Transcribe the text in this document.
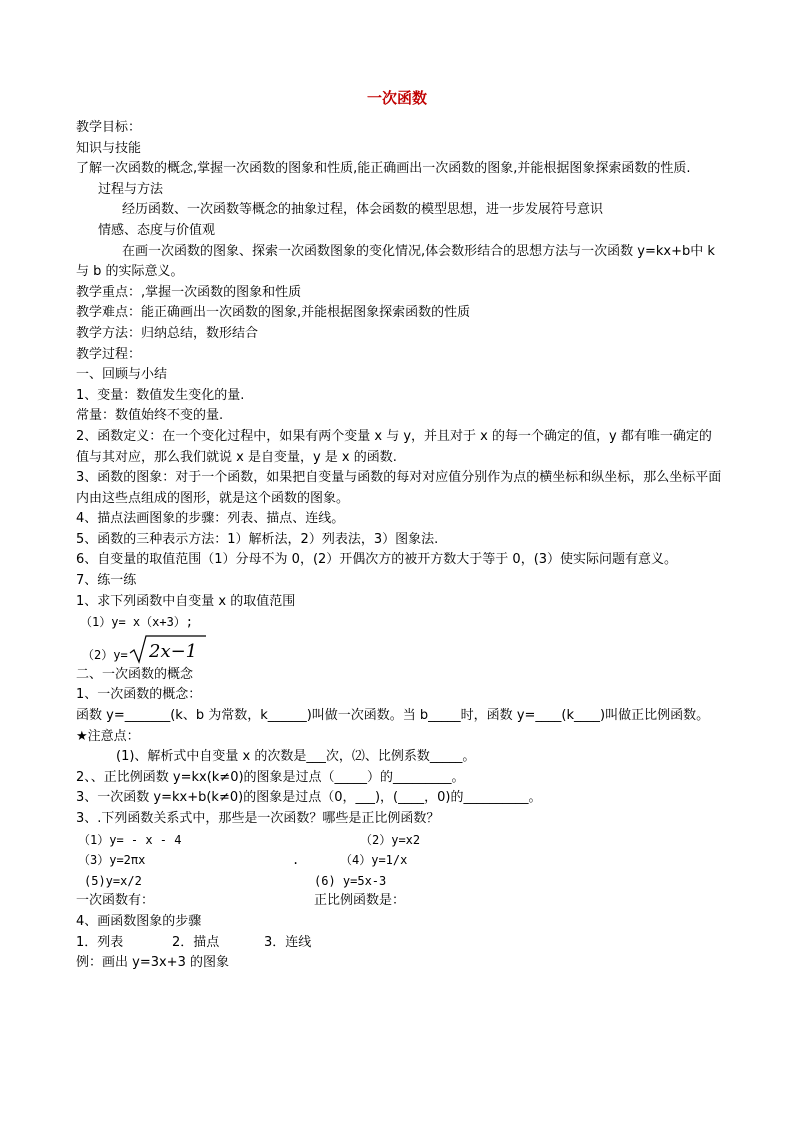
一次函数

教学目标：

知识与技能

了解一次函数的概念,掌握一次函数的图象和性质,能正确画出一次函数的图象,并能根据图象探索函数的性质.

过程与方法

经历函数、一次函数等概念的抽象过程，体会函数的模型思想，进一步发展符号意识

情感、态度与价值观

在画一次函数的图象、探索一次函数图象的变化情况,体会数形结合的思想方法与一次函数 y=kx+b中 k 与 b 的实际意义。

教学重点：,掌握一次函数的图象和性质

教学难点：能正确画出一次函数的图象,并能根据图象探索函数的性质

教学方法：归纳总结，数形结合

教学过程：

一、回顾与小结

1、变量：数值发生变化的量.

常量：数值始终不变的量.

2、函数定义：在一个变化过程中，如果有两个变量 x 与 y，并且对于 x 的每一个确定的值，y 都有唯一确定的值与其对应，那么我们就说 x 是自变量，y 是 x 的函数.

3、函数的图象：对于一个函数，如果把自变量与函数的每对对应值分别作为点的横坐标和纵坐标，那么坐标平面内由这些点组成的图形，就是这个函数的图象。

4、描点法画图象的步骤：列表、描点、连线。

5、函数的三种表示方法：1）解析法，2）列表法，3）图象法.

6、自变量的取值范围（1）分母不为 0，(2）开偶次方的被开方数大于等于 0，(3）使实际问题有意义。

7、练一练

1、求下列函数中自变量 x 的取值范围

（1）y= x（x+3）;

（2）y= 2x−1

二、一次函数的概念

1、一次函数的概念：

函数 y=_______(k、b 为常数，k______)叫做一次函数。当 b_____时，函数 y=____(k____)叫做正比例函数。

★注意点：

(1)、解析式中自变量 x 的次数是___次，⑵、比例系数_____。

2、、正比例函数 y=kx(k≠0)的图象是过点（_____）的_________。

3、一次函数 y=kx+b(k≠0)的图象是过点（0，___)，(____，0)的__________。

3、.下列函数关系式中，那些是一次函数？哪些是正比例函数？

（1）y= - x - 4	（2）y=x2
（3）y=2πx	.	（4）y=1/x
(5)y=x/2	(6) y=5x-3
一次函数有：	正比例函数是：

4、画函数图象的步骤

1．列表	2．描点	3．连线

例：画出 y=3x+3 的图象
